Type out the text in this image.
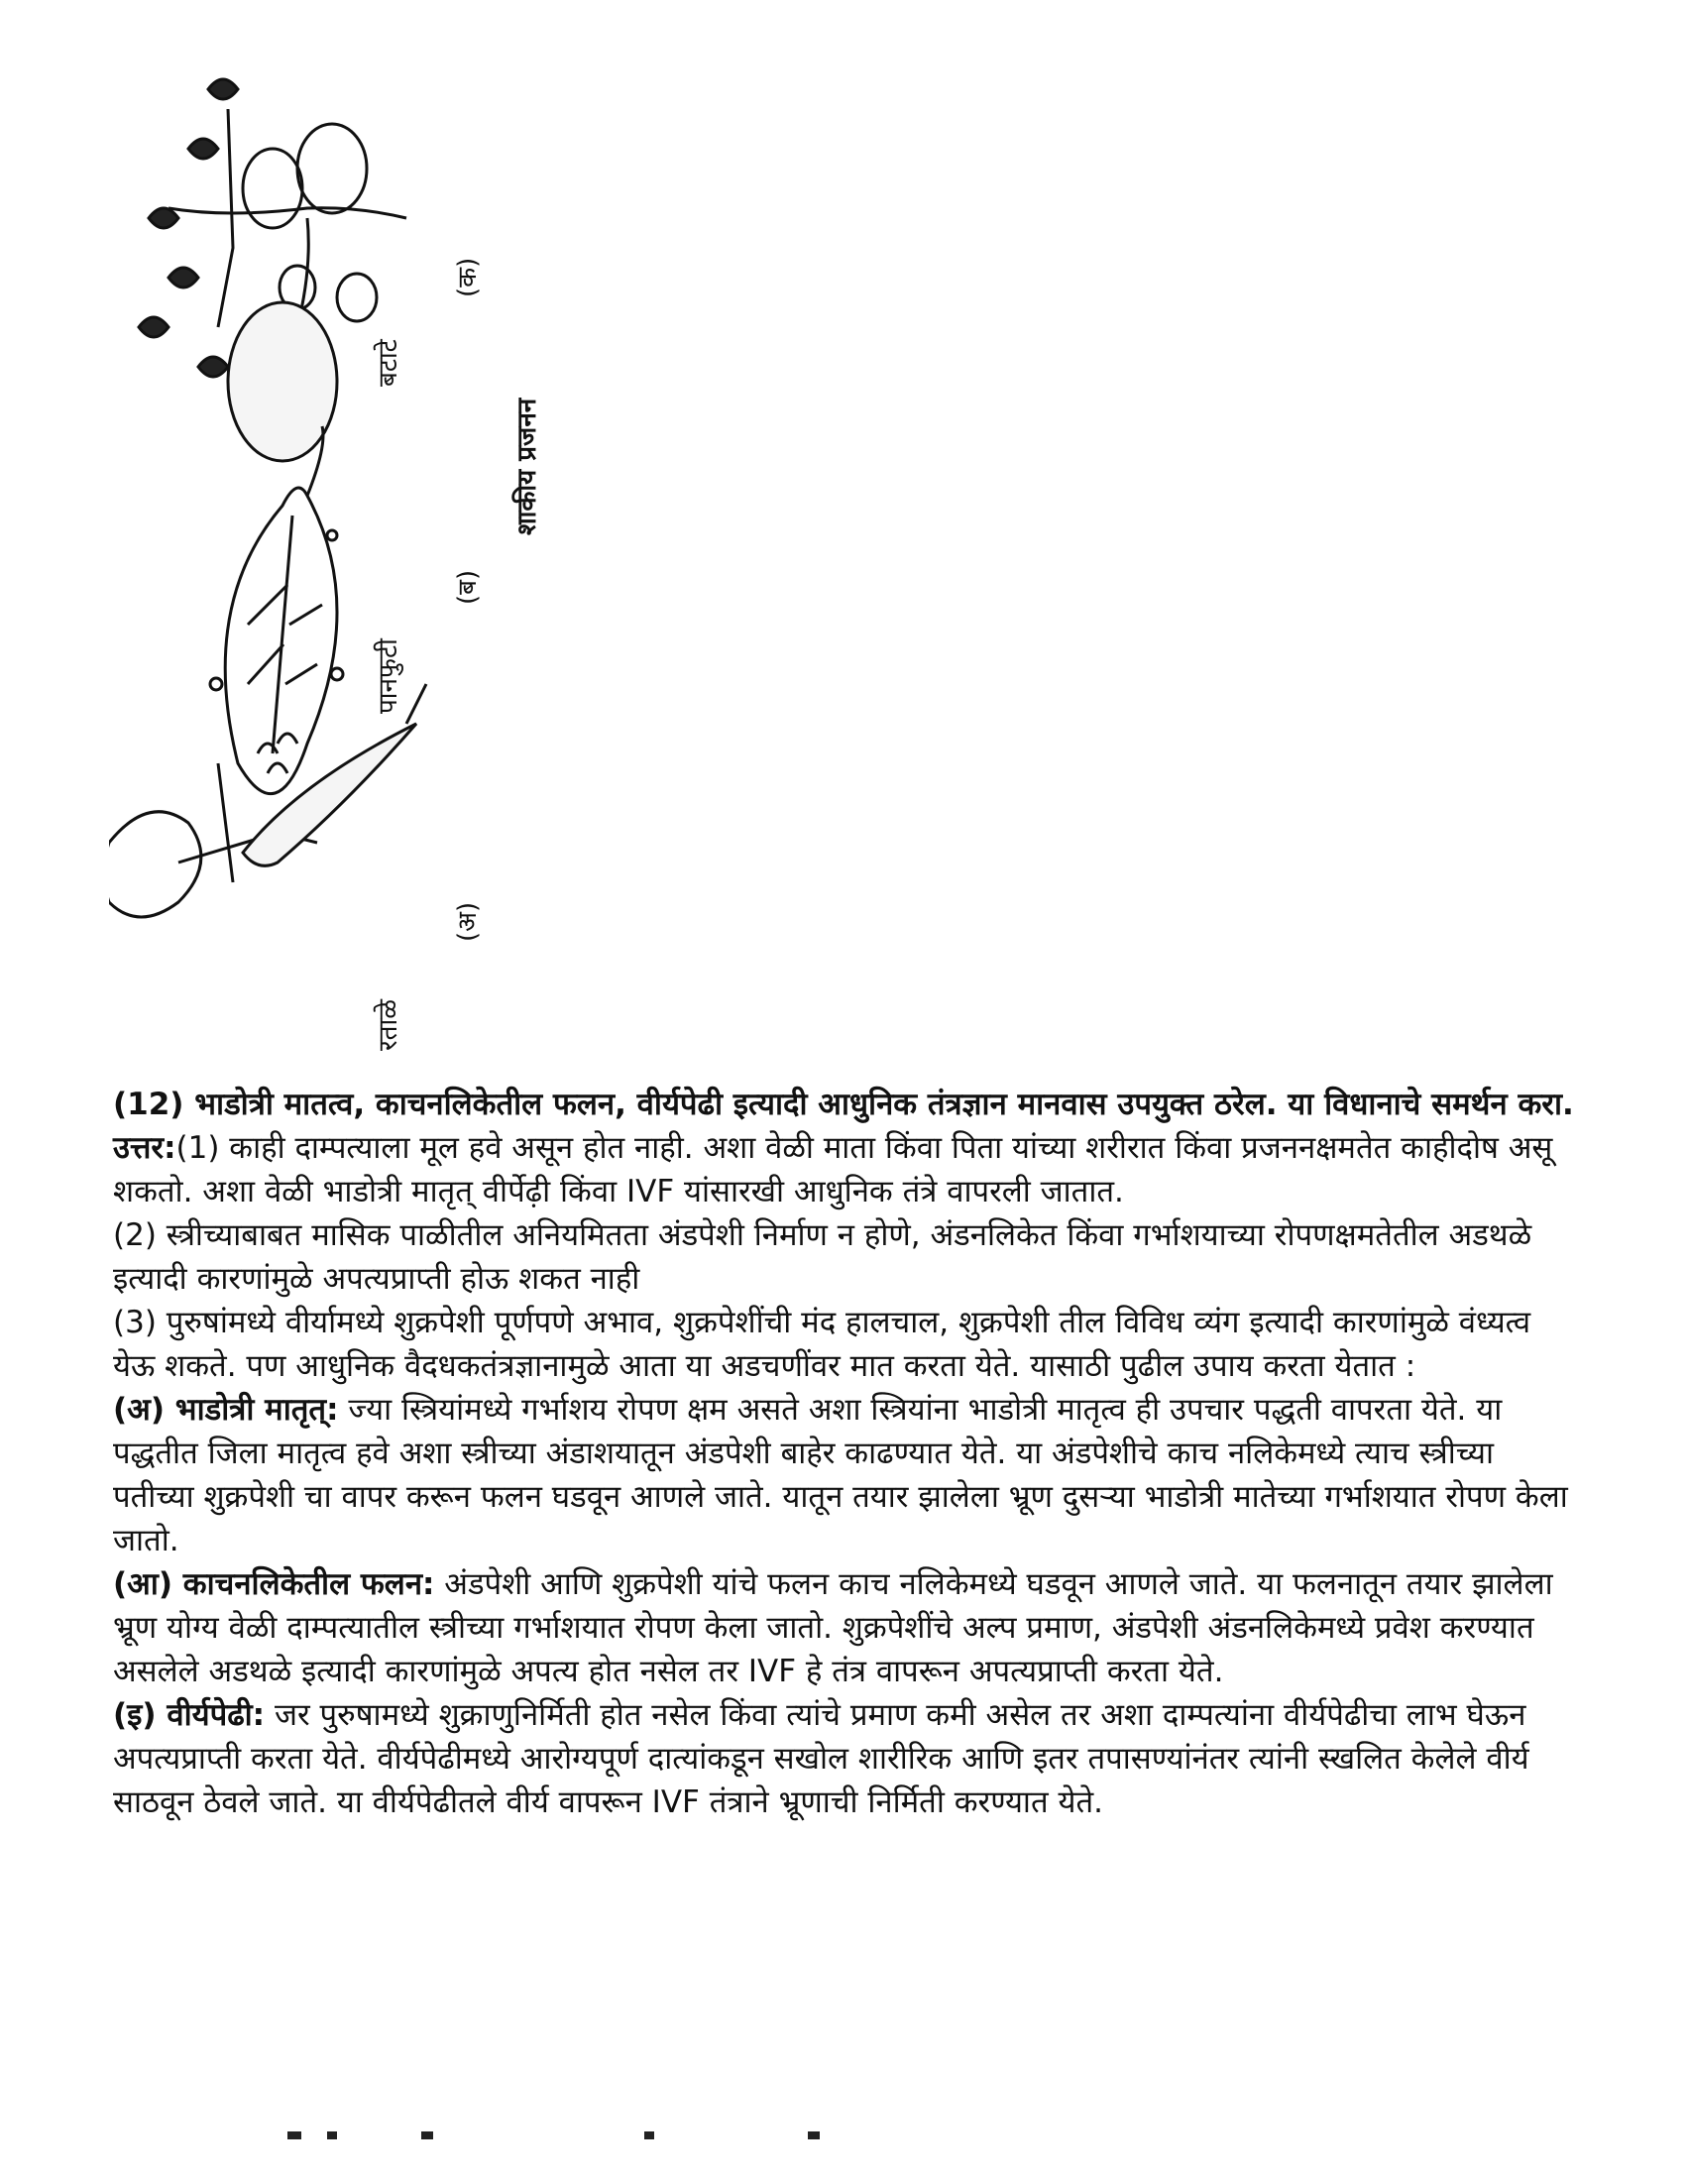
बटाटे
(क)
शाकीय प्रजनन
पानफुटी
(ब)
रताळे
(अ)

(12) भाडोत्री मातत्व, काचनलिकेतील फलन, वीर्यपेढी इत्यादी आधुनिक तंत्रज्ञान मानवास उपयुक्त ठरेल. या विधानाचे समर्थन करा.

उत्तर:(1) काही दाम्पत्याला मूल हवे असून होत नाही. अशा वेळी माता किंवा पिता यांच्या शरीरात किंवा प्रजननक्षमतेत काहीदोष असू शकतो. अशा वेळी भाडोत्री मातृत् वीर्पेढ़ी किंवा IVF यांसारखी आधुनिक तंत्रे वापरली जातात.

(2) स्त्रीच्याबाबत मासिक पाळीतील अनियमितता अंडपेशी निर्माण न होणे, अंडनलिकेत किंवा गर्भाशयाच्या रोपणक्षमतेतील अडथळे इत्यादी कारणांमुळे अपत्यप्राप्ती होऊ शकत नाही

(3) पुरुषांमध्ये वीर्यामध्ये शुक्रपेशी पूर्णपणे अभाव, शुक्रपेशींची मंद हालचाल, शुक्रपेशी तील विविध व्यंग इत्यादी कारणांमुळे वंध्यत्व येऊ शकते. पण आधुनिक वैदधकतंत्रज्ञानामुळे आता या अडचणींवर मात करता येते. यासाठी पुढील उपाय करता येतात :

(अ) भाडोत्री मातृत्: ज्या स्त्रियांमध्ये गर्भाशय रोपण क्षम असते अशा स्त्रियांना भाडोत्री मातृत्व ही उपचार पद्धती वापरता येते. या पद्धतीत जिला मातृत्व हवे अशा स्त्रीच्या अंडाशयातून अंडपेशी बाहेर काढण्यात येते. या अंडपेशीचे काच नलिकेमध्ये त्याच स्त्रीच्या पतीच्या शुक्रपेशी चा वापर करून फलन घडवून आणले जाते. यातून तयार झालेला भ्रूण दुसऱ्या भाडोत्री मातेच्या गर्भाशयात रोपण केला जातो.

(आ) काचनलिकेतील फलन: अंडपेशी आणि शुक्रपेशी यांचे फलन काच नलिकेमध्ये घडवून आणले जाते. या फलनातून तयार झालेला भ्रूण योग्य वेळी दाम्पत्यातील स्त्रीच्या गर्भाशयात रोपण केला जातो. शुक्रपेशींचे अल्प प्रमाण, अंडपेशी अंडनलिकेमध्ये प्रवेश करण्यात असलेले अडथळे इत्यादी कारणांमुळे अपत्य होत नसेल तर IVF हे तंत्र वापरून अपत्यप्राप्ती करता येते.

(इ) वीर्यपेढी: जर पुरुषामध्ये शुक्राणुनिर्मिती होत नसेल किंवा त्यांचे प्रमाण कमी असेल तर अशा दाम्पत्यांना वीर्यपेढीचा लाभ घेऊन अपत्यप्राप्ती करता येते. वीर्यपेढीमध्ये आरोग्यपूर्ण दात्यांकडून सखोल शारीरिक आणि इतर तपासण्यांनंतर त्यांनी स्खलित केलेले वीर्य साठवून ठेवले जाते. या वीर्यपेढीतले वीर्य वापरून IVF तंत्राने भ्रूणाची निर्मिती करण्यात येते.
